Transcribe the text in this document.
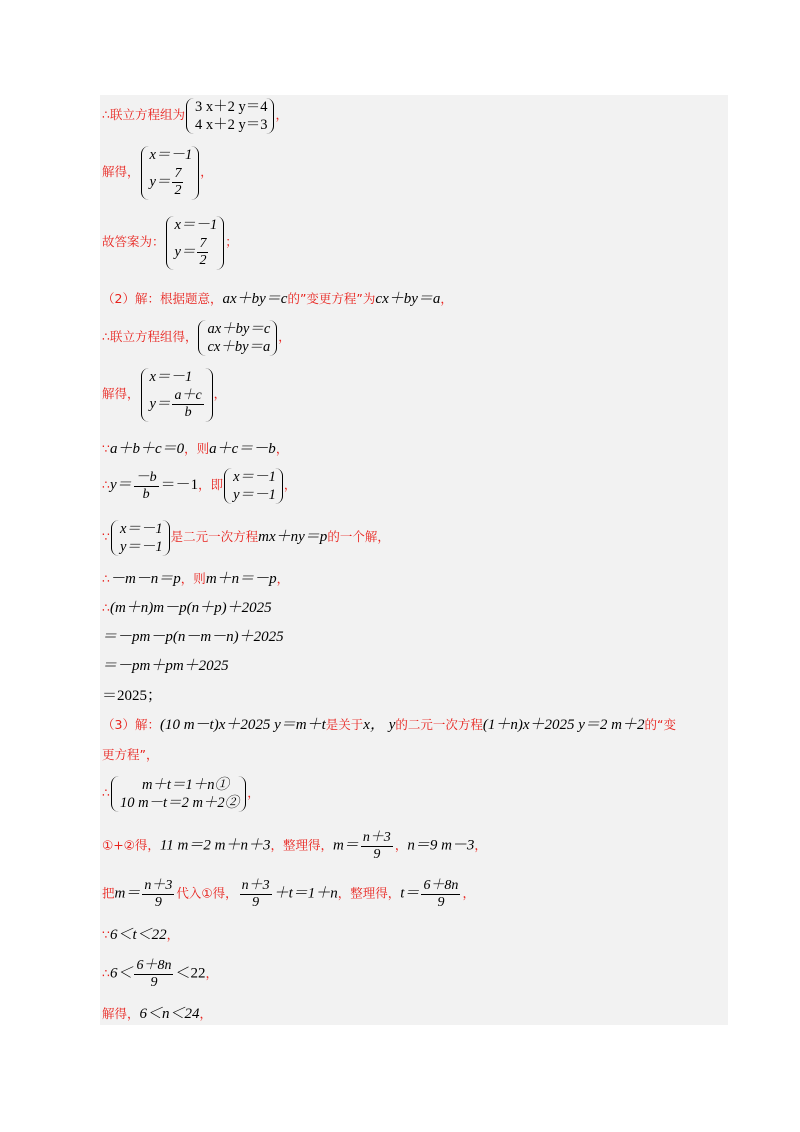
∴联立方程组为 3 x＋2 y＝4
4 x＋2 y＝3
，
解得，
x＝－1
$y= \frac{7}{2}$ ，
故答案为：
x＝－1
$y= \frac{7}{2}$ ；
（2）解：根据题意，ax＋by＝c的”变更方程”为cx＋by＝a，
∴联立方程组得， ax＋by＝c
cx＋by＝a
，
解得，
x＝－1
$y= \frac{a+c}{b}$ ，
∵a＋b＋c＝0，则a＋c＝－b，
∴y＝ $\frac{-b}{b} =-1$，即 x＝－1
y＝－1
，
∵ x＝－1
y＝－1
是二元一次方程mx＋ny＝p的一个解，
∴－m－n＝p，则m＋n＝－p，
∴(m＋n)m－p(n＋p)＋2025
＝－pm－p(n－m－n)＋2025
＝－pm＋pm＋2025
＝2025；
（3）解：(10 m－t)x＋2025 y＝m＋t是关于x， y的二元一次方程(1＋n)x＋2025 y＝2 m＋2的“变
更方程”，
∴	m＋t＝1＋n①
10 m－t＝2 m＋2②
，
①+②得，11 m＝2 m＋n＋3，整理得，$m= \frac{n+3}{9}$ ，n＝9 m－3，
把$m= \frac{n+3}{9}$ 代入①得， $\frac{n+3}{9} +t=1+n$，整理得，$t= \frac{6+8n}{9}$ ，
∵6＜t＜22，
∴6＜ $\frac{6+8n}{9} <22$，
解得，6＜n＜24，
